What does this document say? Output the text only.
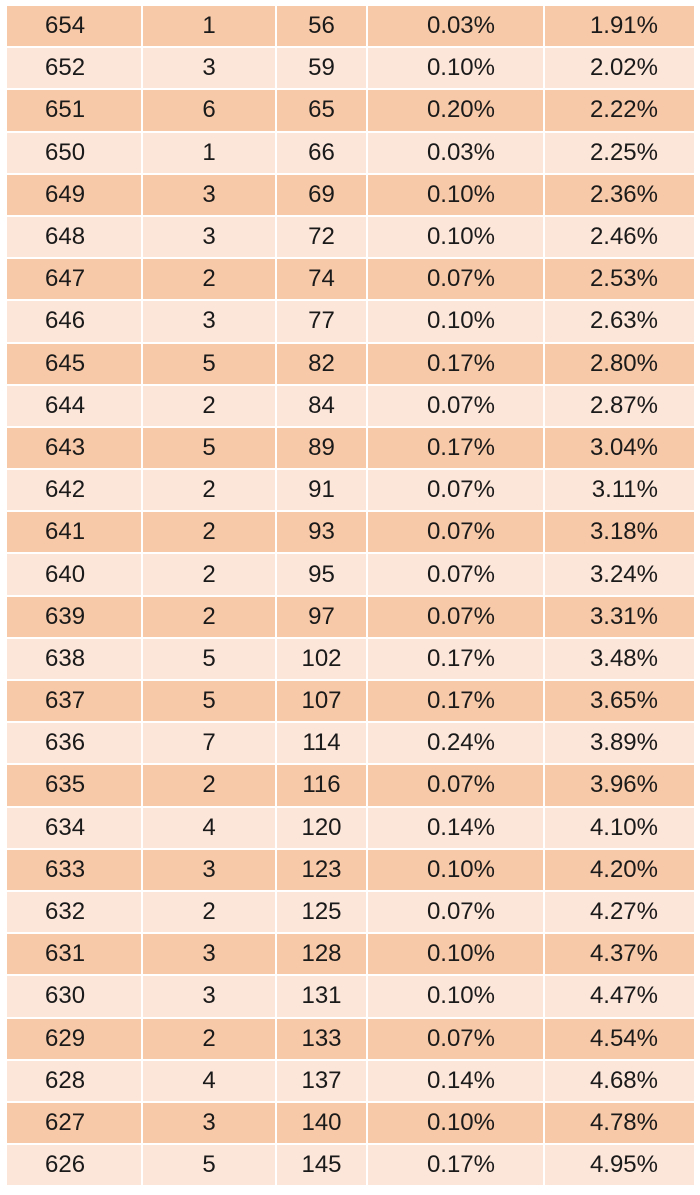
654	1	56	0.03%	1.91%
652	3	59	0.10%	2.02%
651	6	65	0.20%	2.22%
650	1	66	0.03%	2.25%
649	3	69	0.10%	2.36%
648	3	72	0.10%	2.46%
647	2	74	0.07%	2.53%
646	3	77	0.10%	2.63%
645	5	82	0.17%	2.80%
644	2	84	0.07%	2.87%
643	5	89	0.17%	3.04%
642	2	91	0.07%	3.11%
641	2	93	0.07%	3.18%
640	2	95	0.07%	3.24%
639	2	97	0.07%	3.31%
638	5	102	0.17%	3.48%
637	5	107	0.17%	3.65%
636	7	114	0.24%	3.89%
635	2	116	0.07%	3.96%
634	4	120	0.14%	4.10%
633	3	123	0.10%	4.20%
632	2	125	0.07%	4.27%
631	3	128	0.10%	4.37%
630	3	131	0.10%	4.47%
629	2	133	0.07%	4.54%
628	4	137	0.14%	4.68%
627	3	140	0.10%	4.78%
626	5	145	0.17%	4.95%
